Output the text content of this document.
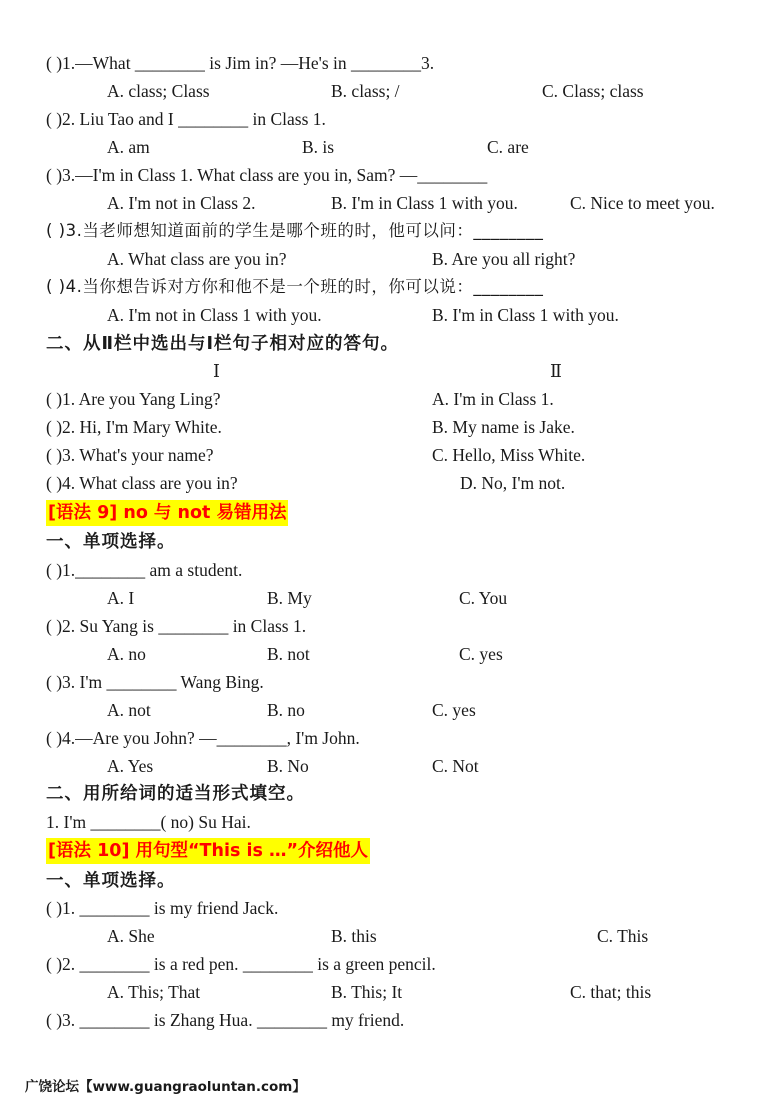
( )1.—What ________ is Jim in? —He's in ________3.
A. class; Class	B. class; /	C. Class; class
( )2. Liu Tao and I ________ in Class 1.
A. am	B. is	C. are
( )3.—I'm in Class 1. What class are you in, Sam? —________
A. I'm not in Class 2.	B. I'm in Class 1 with you.	C. Nice to meet you.
( )3.当老师想知道面前的学生是哪个班的时，他可以问：________
A. What class are you in?	B. Are you all right?
( )4.当你想告诉对方你和他不是一个班的时，你可以说：________
A. I'm not in Class 1 with you.	B. I'm in Class 1 with you.
二、从Ⅱ栏中选出与Ⅰ栏句子相对应的答句。
Ⅰ	Ⅱ
( )1. Are you Yang Ling?	A. I'm in Class 1.
( )2. Hi, I'm Mary White.	B. My name is Jake.
( )3. What's your name?	C. Hello, Miss White.
( )4. What class are you in?	D. No, I'm not.
[语法 9] no 与 not 易错用法
一、单项选择。
( )1.________ am a student.
A. I	B. My	C. You
( )2. Su Yang is ________ in Class 1.
A. no	B. not	C. yes
( )3. I'm ________ Wang Bing.
A. not	B. no	C. yes
( )4.—Are you John? —________, I'm John.
A. Yes	B. No	C. Not
二、用所给词的适当形式填空。
1. I'm ________( no) Su Hai.
[语法 10] 用句型“This is …”介绍他人
一、单项选择。
( )1. ________ is my friend Jack.
A. She	B. this	C. This
( )2. ________ is a red pen. ________ is a green pencil.
A. This; That	B. This; It	C. that; this
( )3. ________ is Zhang Hua. ________ my friend.
广饶论坛【www.guangraoluntan.com】
